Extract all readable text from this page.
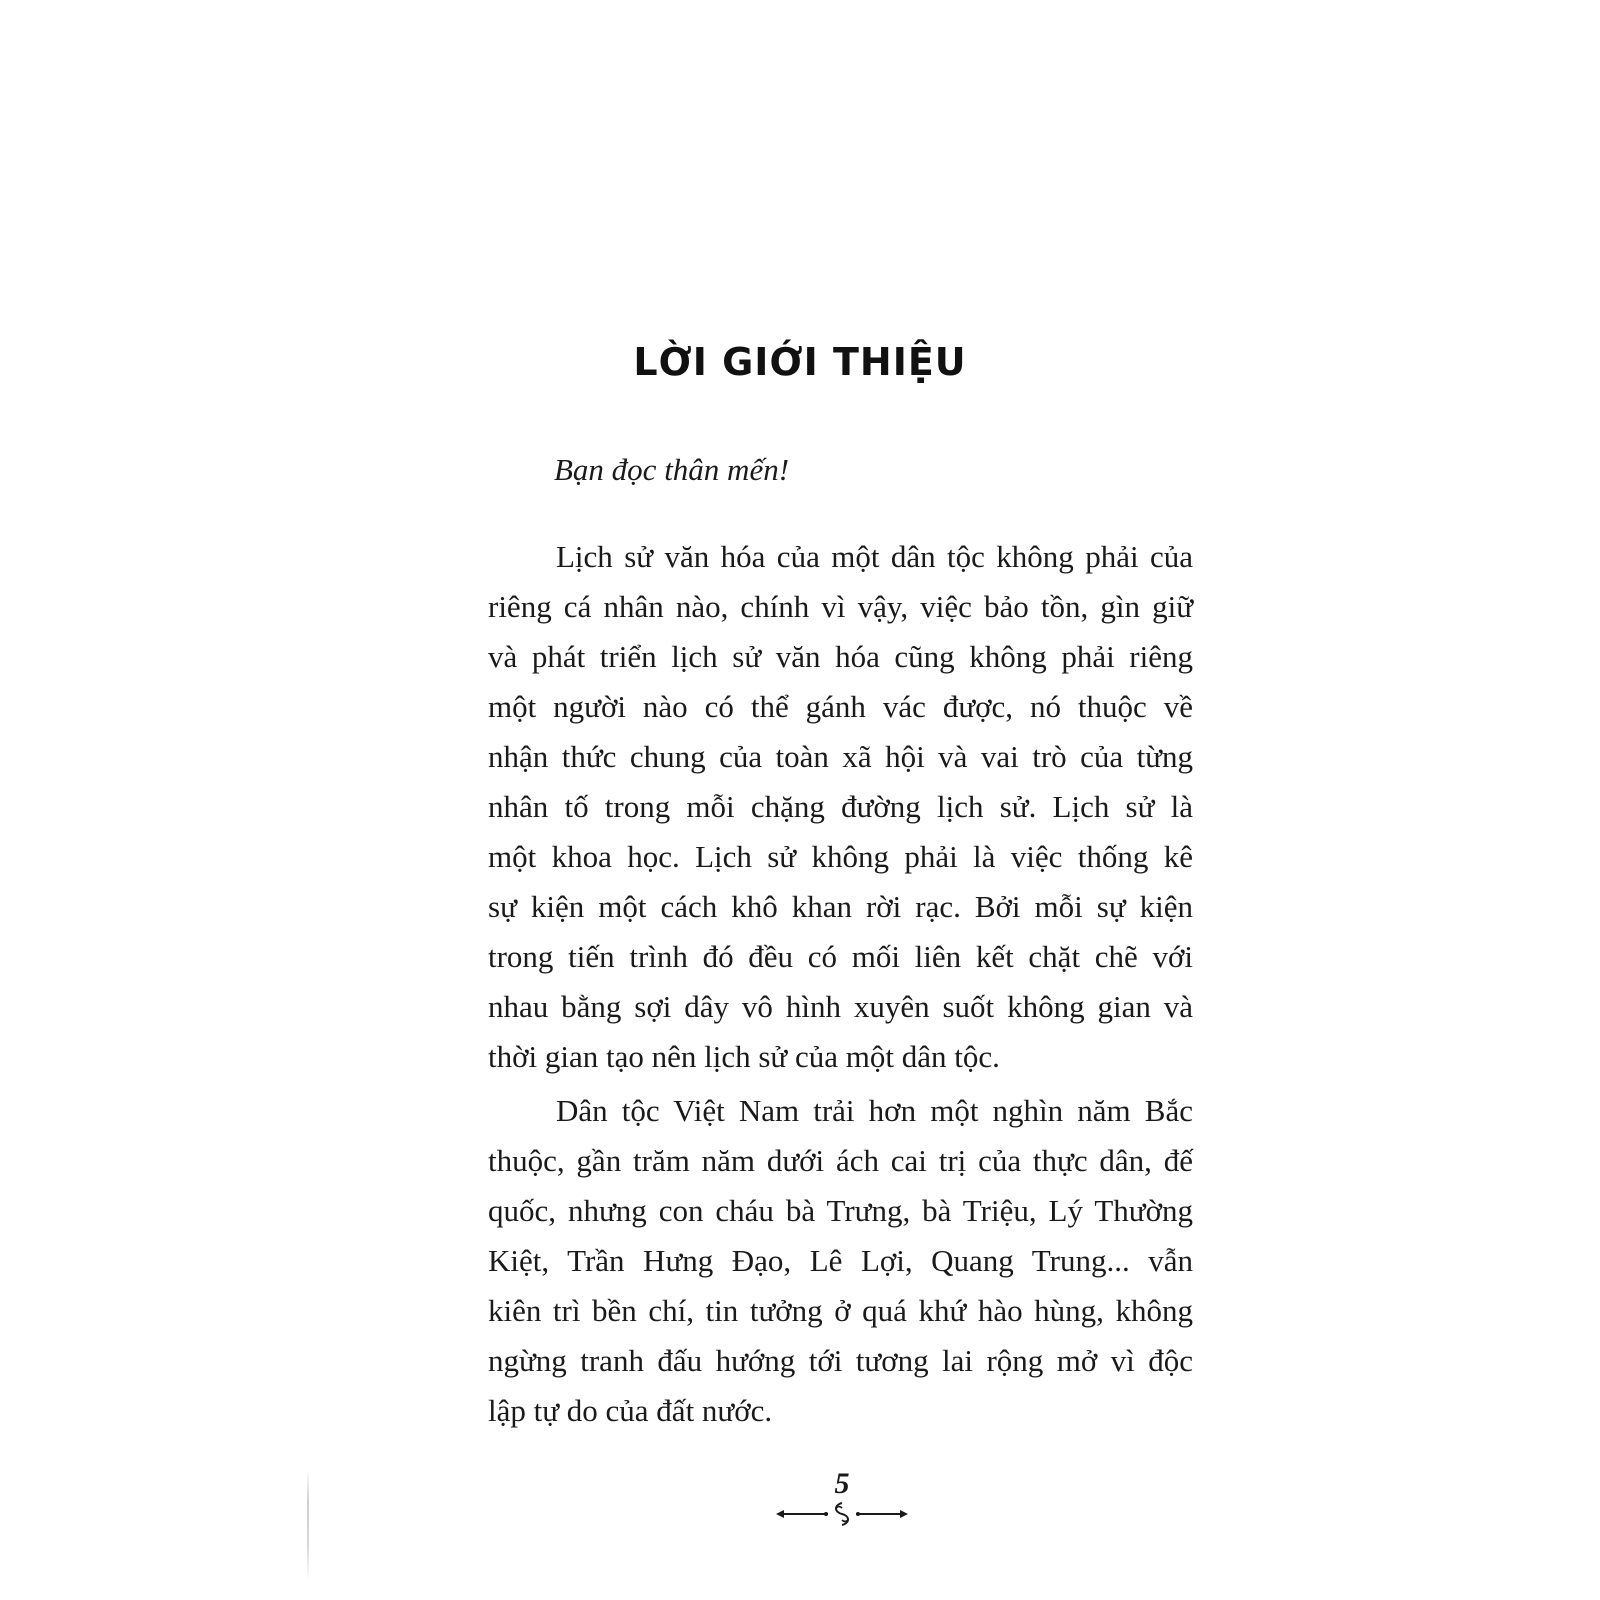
LỜI GIỚI THIỆU
Bạn đọc thân mến!
Lịch sử văn hóa của một dân tộc không phải của
riêng cá nhân nào, chính vì vậy, việc bảo tồn, gìn giữ
và phát triển lịch sử văn hóa cũng không phải riêng
một người nào có thể gánh vác được, nó thuộc về
nhận thức chung của toàn xã hội và vai trò của từng
nhân tố trong mỗi chặng đường lịch sử. Lịch sử là
một khoa học. Lịch sử không phải là việc thống kê
sự kiện một cách khô khan rời rạc. Bởi mỗi sự kiện
trong tiến trình đó đều có mối liên kết chặt chẽ với
nhau bằng sợi dây vô hình xuyên suốt không gian và
thời gian tạo nên lịch sử của một dân tộc.
Dân tộc Việt Nam trải hơn một nghìn năm Bắc
thuộc, gần trăm năm dưới ách cai trị của thực dân, đế
quốc, nhưng con cháu bà Trưng, bà Triệu, Lý Thường
Kiệt, Trần Hưng Đạo, Lê Lợi, Quang Trung... vẫn
kiên trì bền chí, tin tưởng ở quá khứ hào hùng, không
ngừng tranh đấu hướng tới tương lai rộng mở vì độc
lập tự do của đất nước.
5
